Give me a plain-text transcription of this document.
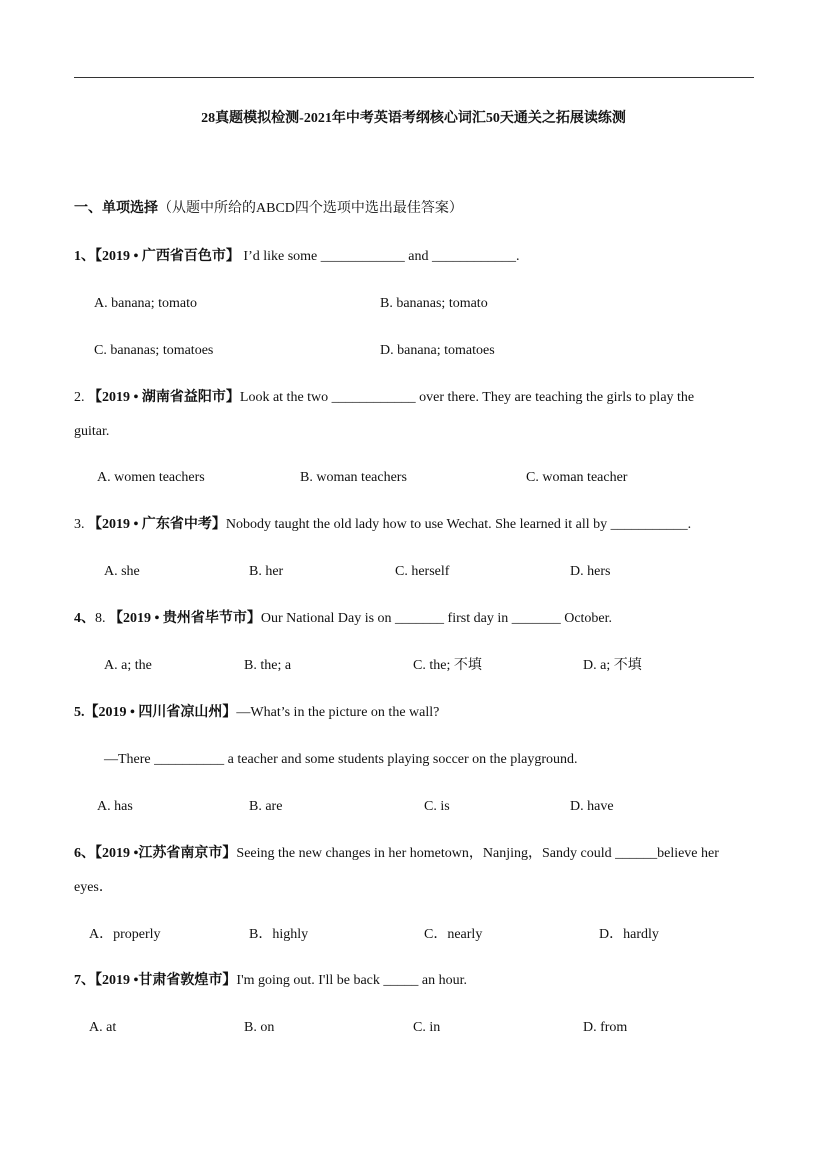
28真题模拟检测-2021年中考英语考纲核心词汇50天通关之拓展读练测
一、单项选择（从题中所给的ABCD四个选项中选出最佳答案）
1、【2019 • 广西省百色市】 I’d like some ____________ and ____________.
A. banana; tomato	B. bananas; tomato
C. bananas; tomatoes	D. banana; tomatoes
2. 【2019 • 湖南省益阳市】Look at the two ____________ over there. They are teaching the girls to play the
guitar.
A. women teachers	B. woman teachers	C. woman teacher
3. 【2019 • 广东省中考】Nobody taught the old lady how to use Wechat. She learned it all by ___________.
A. she	B. her	C. herself	D. hers
4、8. 【2019 • 贵州省毕节市】Our National Day is on _______ first day in _______ October.
A. a; the	B. the; a	C. the; 不填	D. a; 不填
5.【2019 • 四川省凉山州】—What’s in the picture on the wall?
—There __________ a teacher and some students playing soccer on the playground.
A. has	B. are	C. is	D. have
6、【2019 •江苏省南京市】Seeing the new changes in her hometown，Nanjing，Sandy could ______believe her
eyes．
A．properly	B．highly	C．nearly	D．hardly
7、【2019 •甘肃省敦煌市】I'm going out. I'll be back _____ an hour.
A. at	B. on	C. in	D. from
